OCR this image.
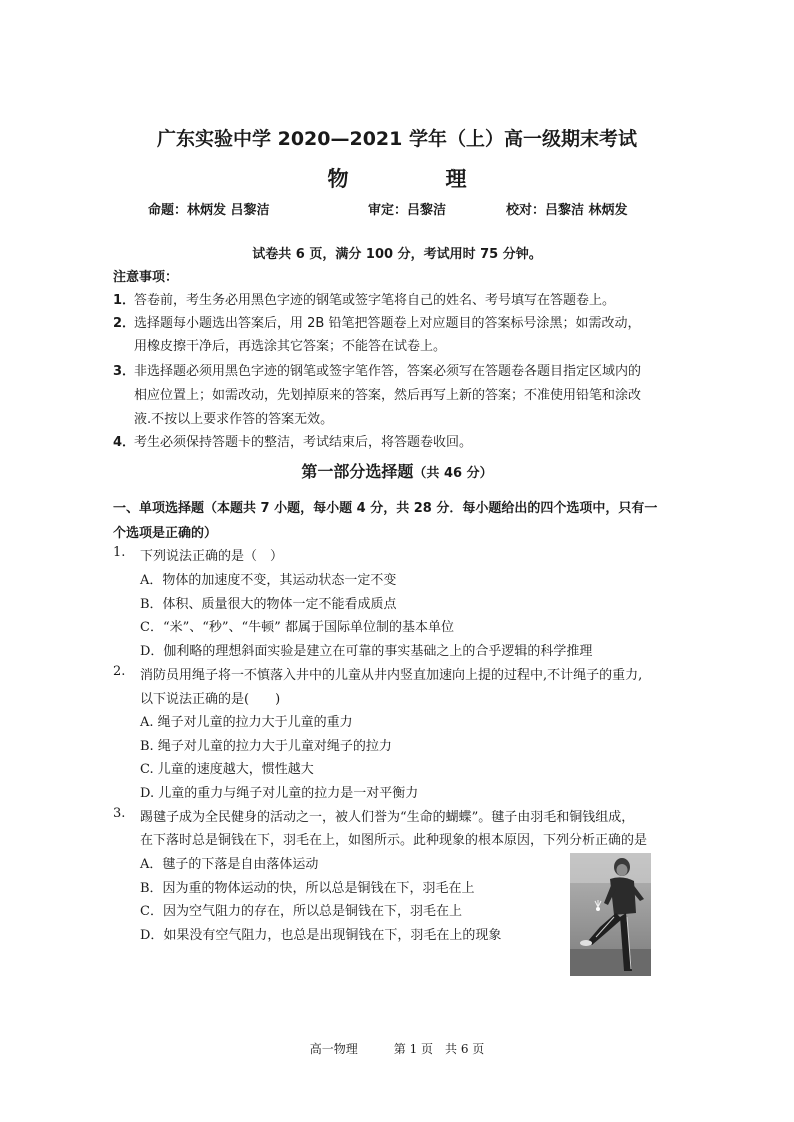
广东实验中学 2020—2021 学年（上）高一级期末考试
物　理
命题：林炳发 吕黎洁	审定：吕黎洁	校对：吕黎洁 林炳发
试卷共 6 页，满分 100 分，考试用时 75 分钟。
注意事项：
1．
答卷前，考生务必用黑色字迹的钢笔或签字笔将自己的姓名、考号填写在答题卷上。
2．
选择题每小题选出答案后，用 2B 铅笔把答题卷上对应题目的答案标号涂黑；如需改动，
用橡皮擦干净后，再选涂其它答案；不能答在试卷上。
3．
非选择题必须用黑色字迹的钢笔或签字笔作答，答案必须写在答题卷各题目指定区域内的
相应位置上；如需改动，先划掉原来的答案，然后再写上新的答案；不准使用铅笔和涂改
液.不按以上要求作答的答案无效。
4．
考生必须保持答题卡的整洁，考试结束后，将答题卷收回。
第一部分选择题（共 46 分）
一、单项选择题（本题共 7 小题，每小题 4 分，共 28 分．每小题给出的四个选项中，只有一
个选项是正确的）
1. 下列说法正确的是（　）
A．物体的加速度不变，其运动状态一定不变
B．体积、质量很大的物体一定不能看成质点
C．“米”、“秒”、“牛顿” 都属于国际单位制的基本单位
D．伽利略的理想斜面实验是建立在可靠的事实基础之上的合乎逻辑的科学推理
2. 消防员用绳子将一不慎落入井中的儿童从井内竖直加速向上提的过程中,不计绳子的重力,
以下说法正确的是(　　)
A. 绳子对儿童的拉力大于儿童的重力
B. 绳子对儿童的拉力大于儿童对绳子的拉力
C. 儿童的速度越大，惯性越大
D. 儿童的重力与绳子对儿童的拉力是一对平衡力
3. 踢毽子成为全民健身的活动之一，被人们誉为“生命的蝴蝶”。毽子由羽毛和铜钱组成，
在下落时总是铜钱在下，羽毛在上，如图所示。此种现象的根本原因，下列分析正确的是
A．毽子的下落是自由落体运动
B．因为重的物体运动的快，所以总是铜钱在下，羽毛在上
C．因为空气阻力的存在，所以总是铜钱在下，羽毛在上
D．如果没有空气阻力，也总是出现铜钱在下，羽毛在上的现象
高一物理　　　	第 1 页　共 6 页
